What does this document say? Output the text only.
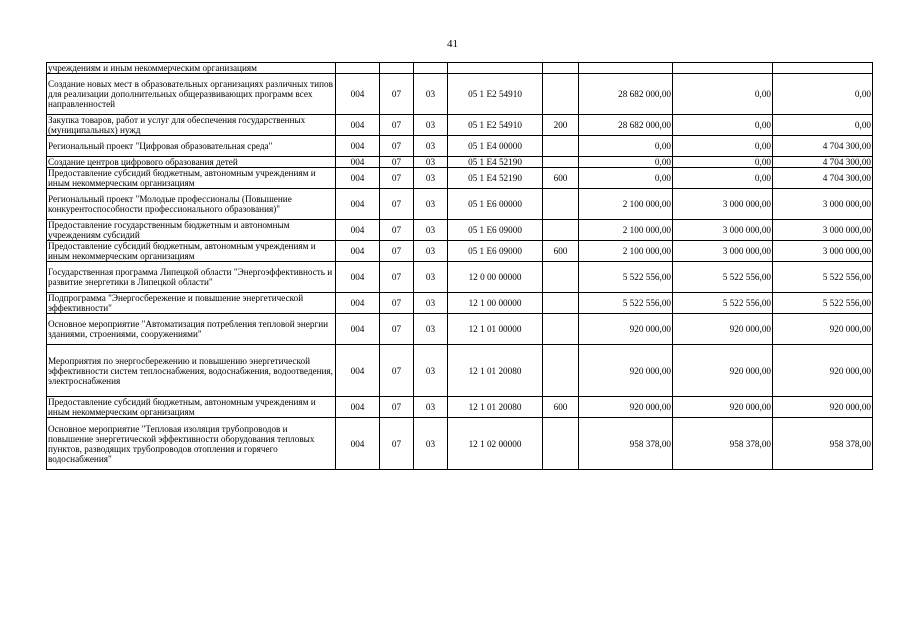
41
учреждениям и иным некоммерческим организациям								
Создание новых мест в образовательных организациях различных типов для реализации дополнительных общеразвивающих программ всех направленностей	004	07	03	05 1 E2 54910		28 682 000,00	0,00	0,00
Закупка товаров, работ и услуг для обеспечения государственных (муниципальных) нужд	004	07	03	05 1 E2 54910	200	28 682 000,00	0,00	0,00
Региональный проект "Цифровая образовательная среда"	004	07	03	05 1 E4 00000		0,00	0,00	4 704 300,00
Создание центров цифрового образования детей	004	07	03	05 1 E4 52190		0,00	0,00	4 704 300,00
Предоставление субсидий бюджетным, автономным учреждениям и иным некоммерческим организациям	004	07	03	05 1 E4 52190	600	0,00	0,00	4 704 300,00
Региональный проект "Молодые профессионалы (Повышение конкурентоспособности профессионального образования)"	004	07	03	05 1 E6 00000		2 100 000,00	3 000 000,00	3 000 000,00
Предоставление государственным бюджетным и автономным учреждениям субсидий	004	07	03	05 1 E6 09000		2 100 000,00	3 000 000,00	3 000 000,00
Предоставление субсидий бюджетным, автономным учреждениям и иным некоммерческим организациям	004	07	03	05 1 E6 09000	600	2 100 000,00	3 000 000,00	3 000 000,00
Государственная программа Липецкой области "Энергоэффективность и развитие энергетики в Липецкой области"	004	07	03	12 0 00 00000		5 522 556,00	5 522 556,00	5 522 556,00
Подпрограмма "Энергосбережение и повышение энергетической эффективности"	004	07	03	12 1 00 00000		5 522 556,00	5 522 556,00	5 522 556,00
Основное мероприятие "Автоматизация потребления тепловой энергии зданиями, строениями, сооружениями"	004	07	03	12 1 01 00000		920 000,00	920 000,00	920 000,00
Мероприятия по энергосбережению и повышению энергетической эффективности систем теплоснабжения, водоснабжения, водоотведения, электроснабжения	004	07	03	12 1 01 20080		920 000,00	920 000,00	920 000,00
Предоставление субсидий бюджетным, автономным учреждениям и иным некоммерческим организациям	004	07	03	12 1 01 20080	600	920 000,00	920 000,00	920 000,00
Основное мероприятие "Тепловая изоляция трубопроводов и повышение энергетической эффективности оборудования тепловых пунктов, разводящих трубопроводов отопления и горячего водоснабжения"	004	07	03	12 1 02 00000		958 378,00	958 378,00	958 378,00
